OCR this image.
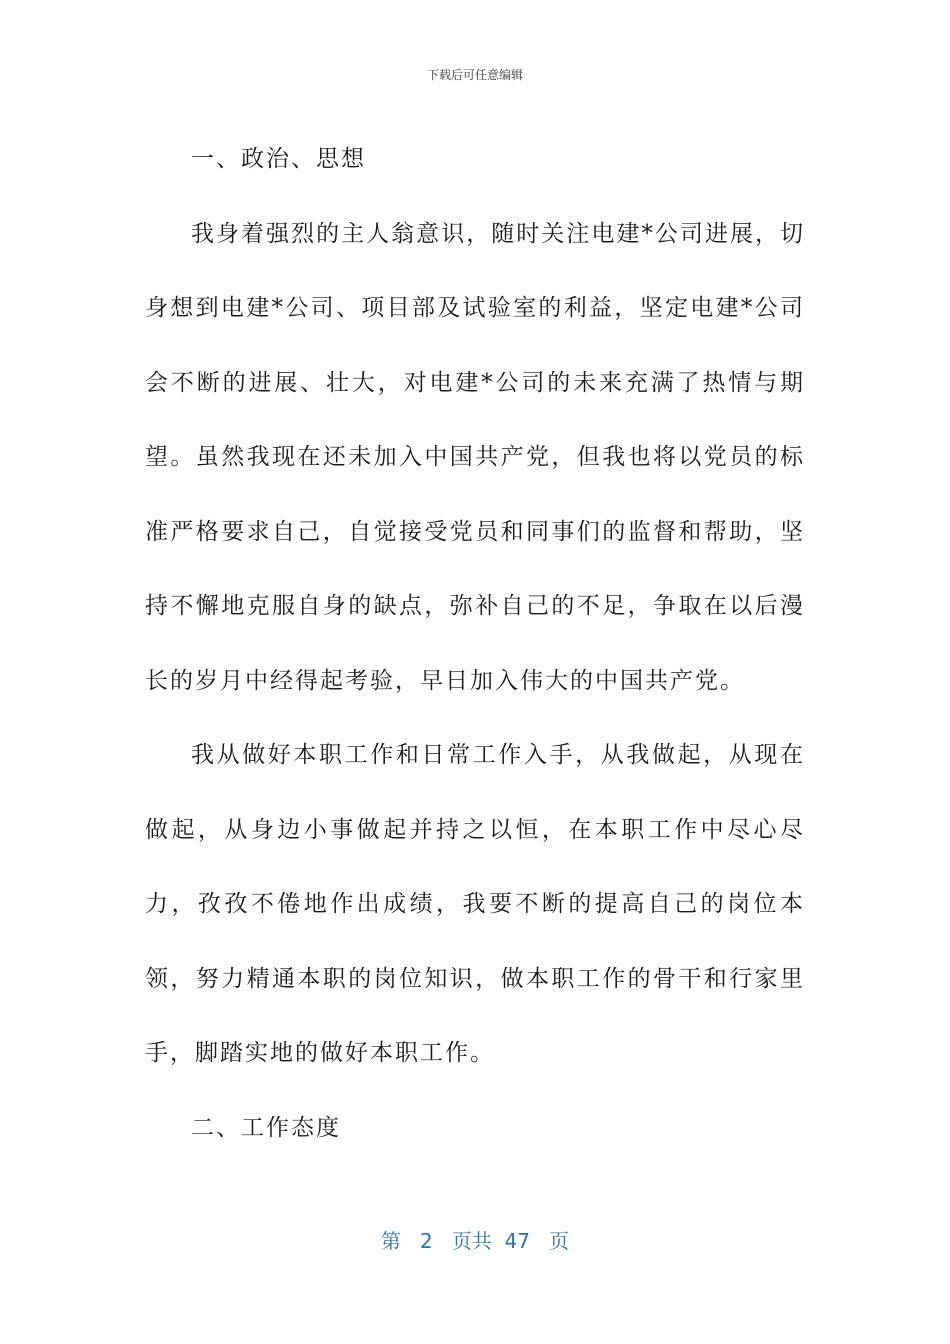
下载后可任意编辑

一、政治、思想

我身着强烈的主人翁意识，随时关注电建*公司进展，切身想到电建*公司、项目部及试验室的利益，坚定电建*公司会不断的进展、壮大，对电建*公司的未来充满了热情与期望。虽然我现在还未加入中国共产党，但我也将以党员的标准严格要求自己，自觉接受党员和同事们的监督和帮助，坚持不懈地克服自身的缺点，弥补自己的不足，争取在以后漫长的岁月中经得起考验，早日加入伟大的中国共产党。

我从做好本职工作和日常工作入手，从我做起，从现在做起，从身边小事做起并持之以恒，在本职工作中尽心尽力，孜孜不倦地作出成绩，我要不断的提高自己的岗位本领，努力精通本职的岗位知识，做本职工作的骨干和行家里手，脚踏实地的做好本职工作。

二、工作态度

第 2 页共 47 页
